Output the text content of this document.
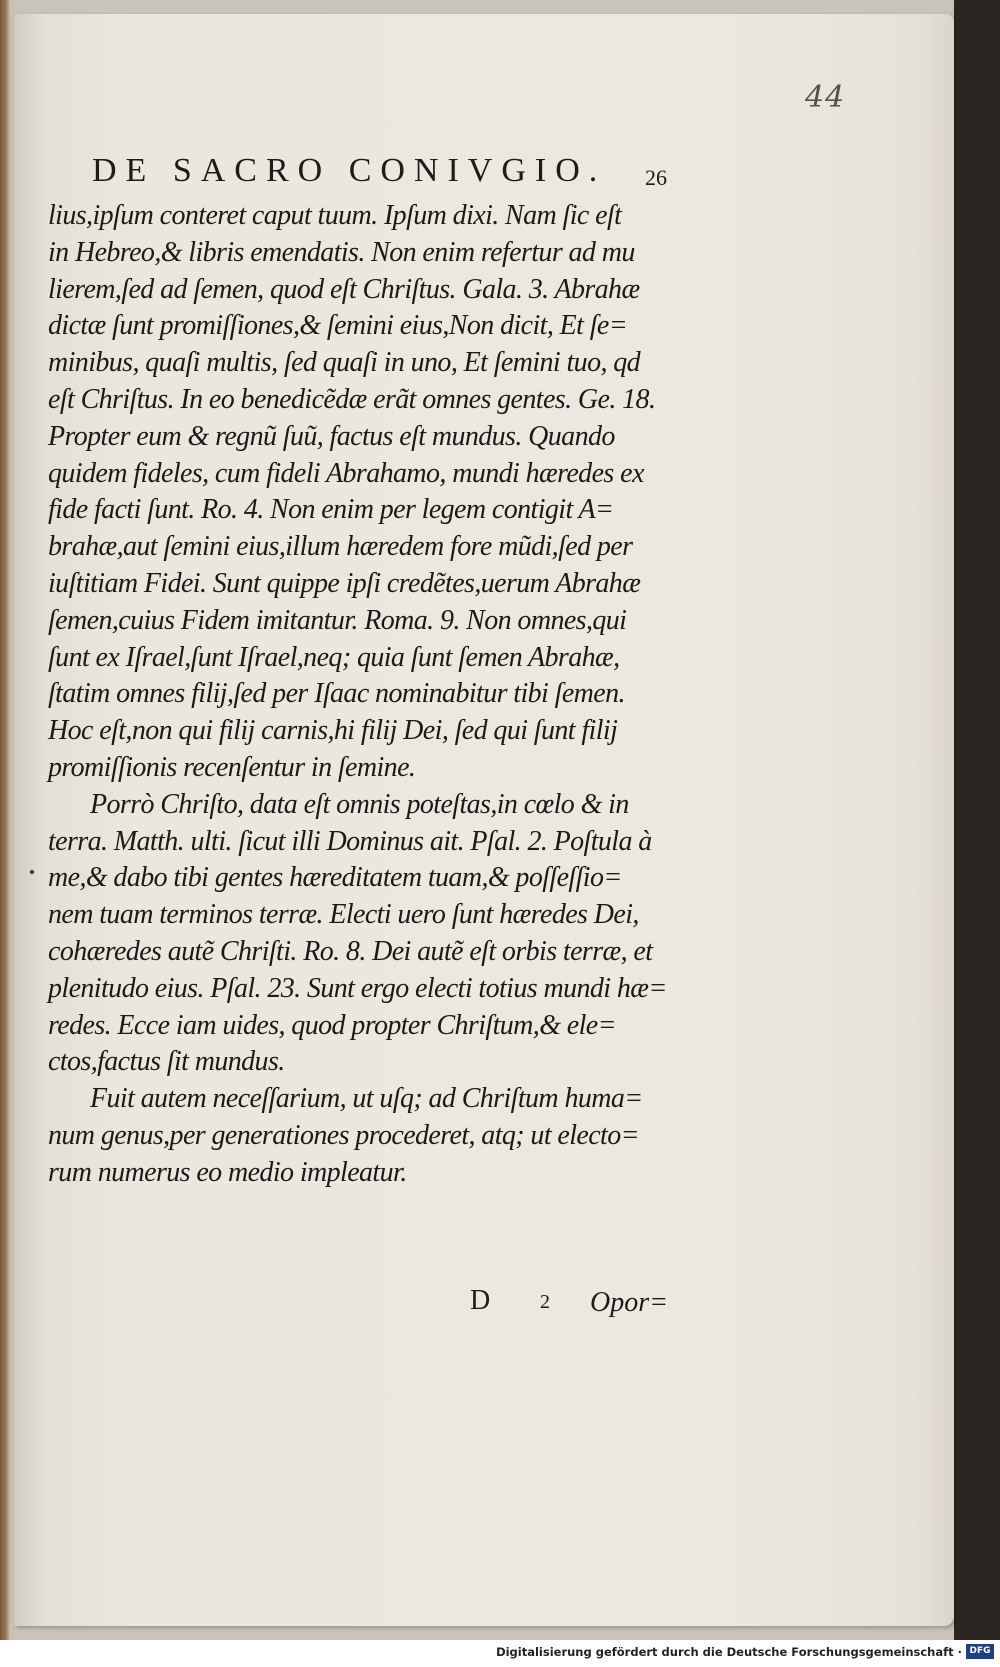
44
DE SACRO CONIVGIO. 26
lius,ipſum conteret caput tuum. Ipſum dixi. Nam ſic eſt
in Hebreo,& libris emendatis. Non enim refertur ad mu
lierem,ſed ad ſemen, quod eſt Chriſtus. Gala. 3. Abrahæ
dictæ ſunt promiſſiones,& ſemini eius,Non dicit, Et ſe=
minibus, quaſi multis, ſed quaſi in uno, Et ſemini tuo, qd
eſt Chriſtus. In eo benedicẽdæ erãt omnes gentes. Ge. 18.
Propter eum & regnũ ſuũ, factus eſt mundus. Quando
quidem fideles, cum fideli Abrahamo, mundi hæredes ex
fide facti ſunt. Ro. 4. Non enim per legem contigit A=
brahæ,aut ſemini eius,illum hæredem fore mũdi,ſed per
iuſtitiam Fidei. Sunt quippe ipſi credẽtes,uerum Abrahæ
ſemen,cuius Fidem imitantur. Roma. 9. Non omnes,qui
ſunt ex Iſrael,ſunt Iſrael,neq; quia ſunt ſemen Abrahæ,
ſtatim omnes filij,ſed per Iſaac nominabitur tibi ſemen.
Hoc eſt,non qui filij carnis,hi filij Dei, ſed qui ſunt filij
promiſſionis recenſentur in ſemine.
Porrò Chriſto, data eſt omnis poteſtas,in cœlo & in
terra. Matth. ulti. ſicut illi Dominus ait. Pſal. 2. Poſtula à
me,& dabo tibi gentes hæreditatem tuam,& poſſeſſio=
nem tuam terminos terræ. Electi uero ſunt hæredes Dei,
cohæredes autẽ Chriſti. Ro. 8. Dei autẽ eſt orbis terræ, et
plenitudo eius. Pſal. 23. Sunt ergo electi totius mundi hæ=
redes. Ecce iam uides, quod propter Chriſtum,& ele=
ctos,factus ſit mundus.
Fuit autem neceſſarium, ut uſq; ad Chriſtum huma=
num genus,per generationes procederet, atq; ut electo=
rum numerus eo medio impleatur.
D 2 Opor=
Digitalisierung gefördert durch die Deutsche Forschungsgemeinschaft · DFG
